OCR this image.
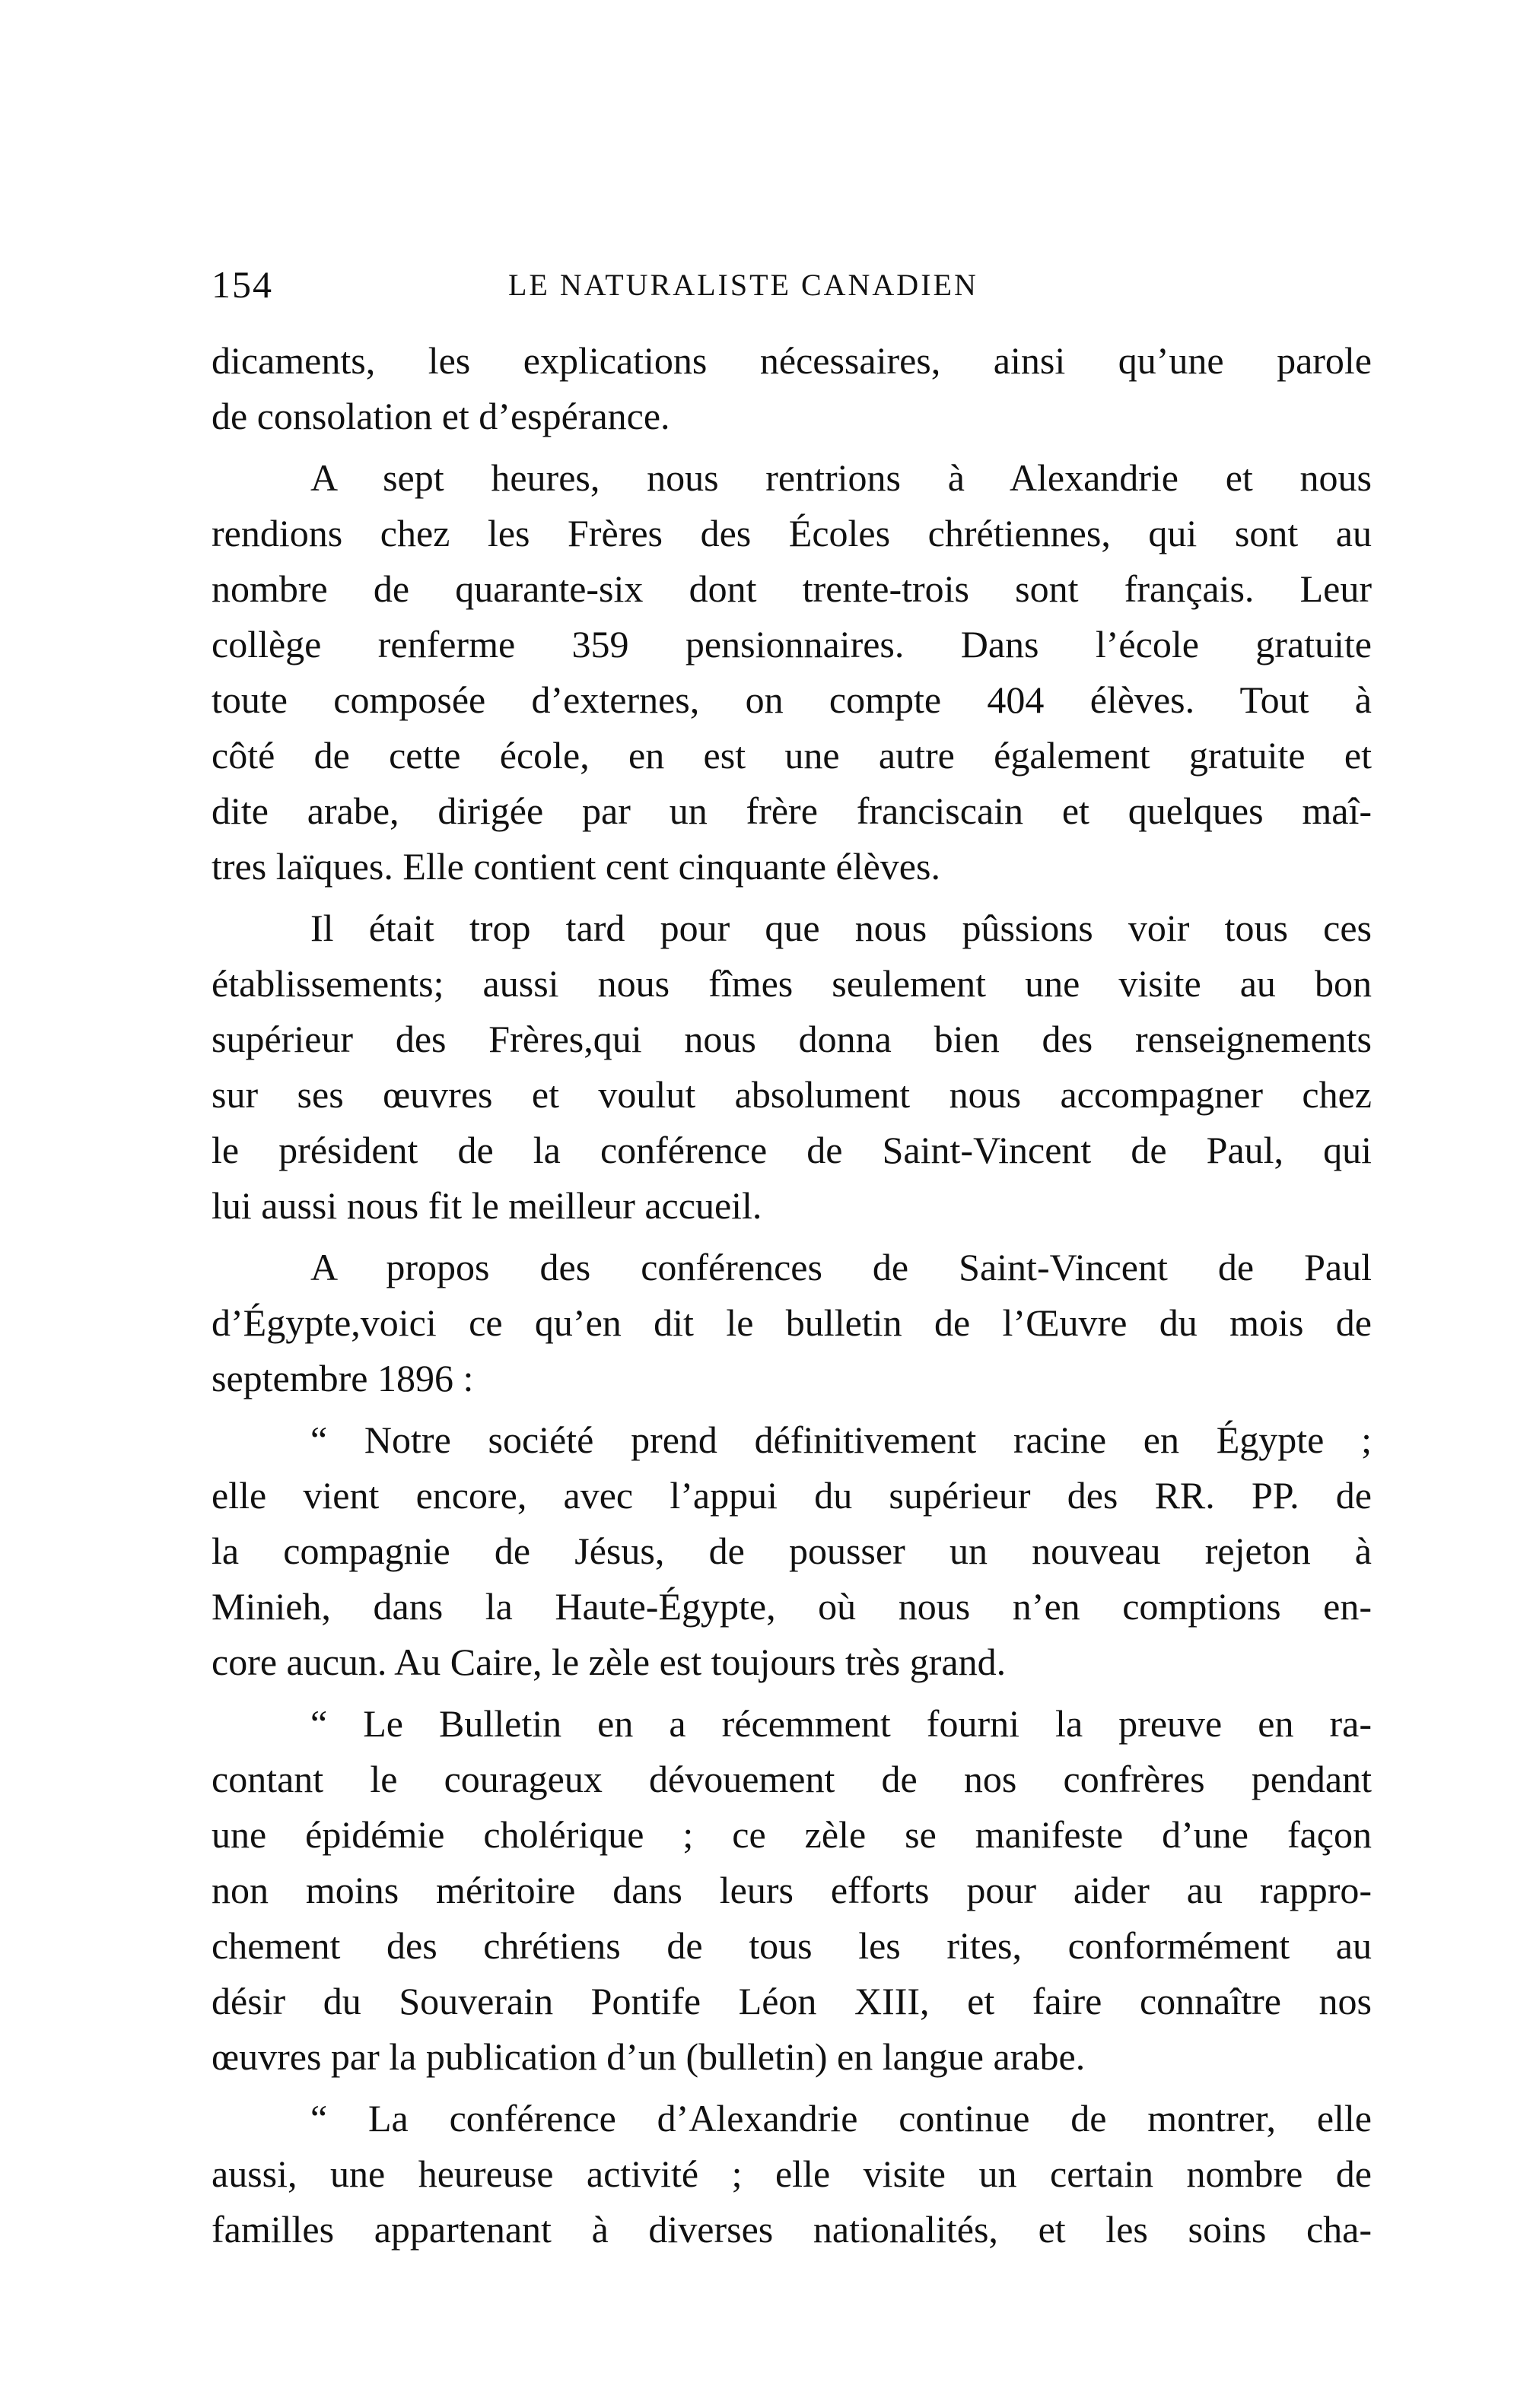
154	LE NATURALISTE CANADIEN

dicaments, les explications nécessaires, ainsi qu’une parole
de consolation et d’espérance.

A sept heures, nous rentrions à Alexandrie et nous
rendions chez les Frères des Écoles chrétiennes, qui sont au
nombre de quarante-six dont trente-trois sont français. Leur
collège renferme 359 pensionnaires. Dans l’école gratuite
toute composée d’externes, on compte 404 élèves. Tout à
côté de cette école, en est une autre également gratuite et
dite arabe, dirigée par un frère franciscain et quelques maî-
tres laïques. Elle contient cent cinquante élèves.

Il était trop tard pour que nous pûssions voir tous ces
établissements; aussi nous fîmes seulement une visite au bon
supérieur des Frères,qui nous donna bien des renseignements
sur ses œuvres et voulut absolument nous accompagner chez
le président de la conférence de Saint-Vincent de Paul, qui
lui aussi nous fit le meilleur accueil.

A propos des conférences de Saint-Vincent de Paul
d’Égypte,voici ce qu’en dit le bulletin de l’Œuvre du mois de
septembre 1896 :

“ Notre société prend définitivement racine en Égypte ;
elle vient encore, avec l’appui du supérieur des RR. PP. de
la compagnie de Jésus, de pousser un nouveau rejeton à
Minieh, dans la Haute-Égypte, où nous n’en comptions en-
core aucun. Au Caire, le zèle est toujours très grand.

“ Le Bulletin en a récemment fourni la preuve en ra-
contant le courageux dévouement de nos confrères pendant
une épidémie cholérique ; ce zèle se manifeste d’une façon
non moins méritoire dans leurs efforts pour aider au rappro-
chement des chrétiens de tous les rites, conformément au
désir du Souverain Pontife Léon XIII, et faire connaître nos
œuvres par la publication d’un (bulletin) en langue arabe.

“ La conférence d’Alexandrie continue de montrer, elle
aussi, une heureuse activité ; elle visite un certain nombre de
familles appartenant à diverses nationalités, et les soins cha-
